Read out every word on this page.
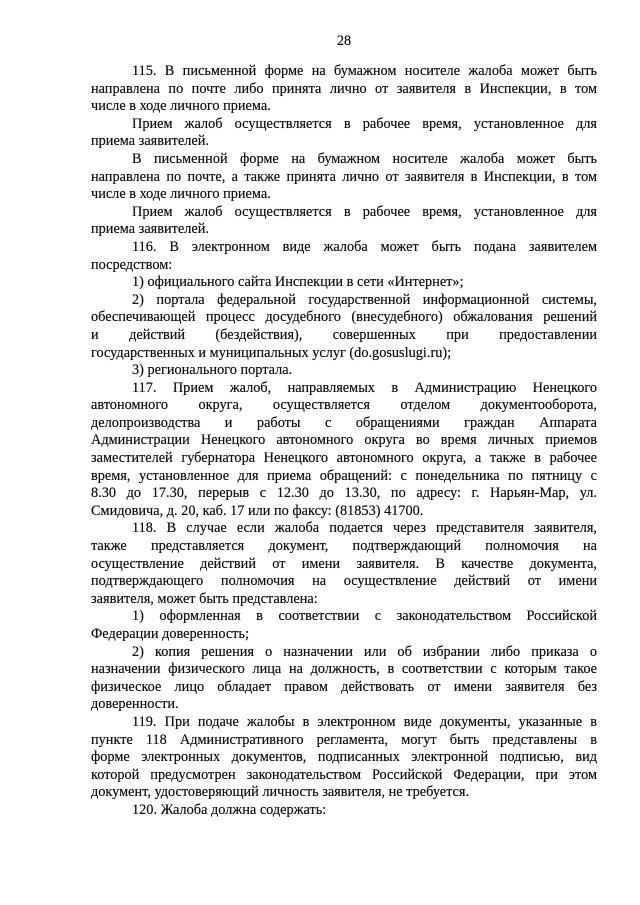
28

115. В письменной форме на бумажном носителе жалоба может быть
направлена по почте либо принята лично от заявителя в Инспекции, в том
числе в ходе личного приема.

Прием жалоб осуществляется в рабочее время, установленное для
приема заявителей.

В письменной форме на бумажном носителе жалоба может быть
направлена по почте, а также принята лично от заявителя в Инспекции, в том
числе в ходе личного приема.

Прием жалоб осуществляется в рабочее время, установленное для
приема заявителей.

116. В электронном виде жалоба может быть подана заявителем
посредством:

1) официального сайта Инспекции в сети «Интернет»;

2) портала федеральной государственной информационной системы,
обеспечивающей процесс досудебного (внесудебного) обжалования решений
и действий (бездействия), совершенных при предоставлении
государственных и муниципальных услуг (do.gosuslugi.ru);

3) регионального портала.

117. Прием жалоб, направляемых в Администрацию Ненецкого
автономного округа, осуществляется отделом документооборота,
делопроизводства и работы с обращениями граждан Аппарата
Администрации Ненецкого автономного округа во время личных приемов
заместителей губернатора Ненецкого автономного округа, а также в рабочее
время, установленное для приема обращений: с понедельника по пятницу с
8.30 до 17.30, перерыв с 12.30 до 13.30, по адресу: г. Нарьян-Мар, ул.
Смидовича, д. 20, каб. 17 или по факсу: (81853) 41700.

118. В случае если жалоба подается через представителя заявителя,
также представляется документ, подтверждающий полномочия на
осуществление действий от имени заявителя. В качестве документа,
подтверждающего полномочия на осуществление действий от имени
заявителя, может быть представлена:

1) оформленная в соответствии с законодательством Российской
Федерации доверенность;

2) копия решения о назначении или об избрании либо приказа о
назначении физического лица на должность, в соответствии с которым такое
физическое лицо обладает правом действовать от имени заявителя без
доверенности.

119. При подаче жалобы в электронном виде документы, указанные в
пункте 118 Административного регламента, могут быть представлены в
форме электронных документов, подписанных электронной подписью, вид
которой предусмотрен законодательством Российской Федерации, при этом
документ, удостоверяющий личность заявителя, не требуется.

120. Жалоба должна содержать:
